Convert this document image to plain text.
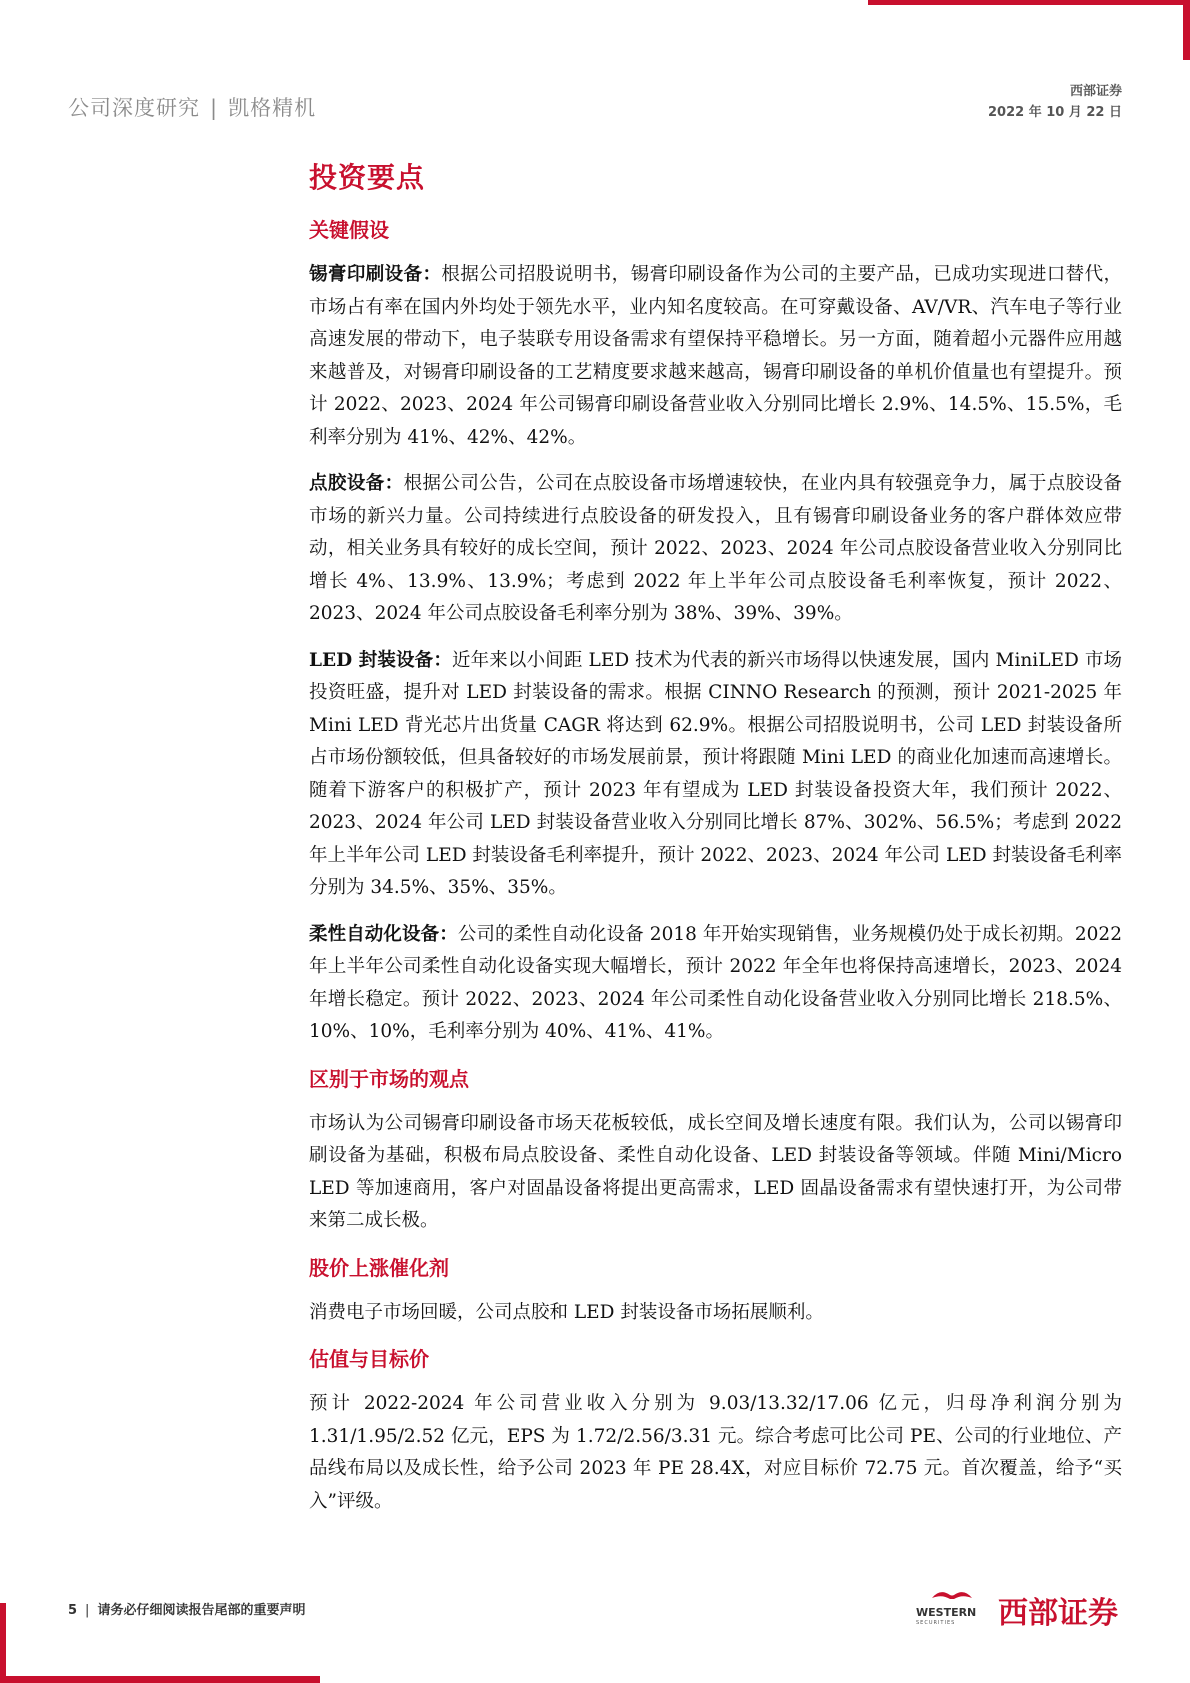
公司深度研究 | 凯格精机
西部证券
2022 年 10 月 22 日
投资要点
关键假设

锡膏印刷设备：根据公司招股说明书，锡膏印刷设备作为公司的主要产品，已成功实现进口替代，市场占有率在国内外均处于领先水平，业内知名度较高。在可穿戴设备、AV/VR、汽车电子等行业高速发展的带动下，电子装联专用设备需求有望保持平稳增长。另一方面，随着超小元器件应用越来越普及，对锡膏印刷设备的工艺精度要求越来越高，锡膏印刷设备的单机价值量也有望提升。预计 2022、2023、2024 年公司锡膏印刷设备营业收入分别同比增长 2.9%、14.5%、15.5%，毛利率分别为 41%、42%、42%。

点胶设备：根据公司公告，公司在点胶设备市场增速较快，在业内具有较强竞争力，属于点胶设备市场的新兴力量。公司持续进行点胶设备的研发投入，且有锡膏印刷设备业务的客户群体效应带动，相关业务具有较好的成长空间，预计 2022、2023、2024 年公司点胶设备营业收入分别同比增长 4%、13.9%、13.9%；考虑到 2022 年上半年公司点胶设备毛利率恢复，预计 2022、2023、2024 年公司点胶设备毛利率分别为 38%、39%、39%。

LED 封装设备：近年来以小间距 LED 技术为代表的新兴市场得以快速发展，国内 MiniLED 市场投资旺盛，提升对 LED 封装设备的需求。根据 CINNO Research 的预测，预计 2021-2025 年 Mini LED 背光芯片出货量 CAGR 将达到 62.9%。根据公司招股说明书，公司 LED 封装设备所占市场份额较低，但具备较好的市场发展前景，预计将跟随 Mini LED 的商业化加速而高速增长。随着下游客户的积极扩产，预计 2023 年有望成为 LED 封装设备投资大年，我们预计 2022、2023、2024 年公司 LED 封装设备营业收入分别同比增长 87%、302%、56.5%；考虑到 2022 年上半年公司 LED 封装设备毛利率提升，预计 2022、2023、2024 年公司 LED 封装设备毛利率分别为 34.5%、35%、35%。

柔性自动化设备：公司的柔性自动化设备 2018 年开始实现销售，业务规模仍处于成长初期。2022 年上半年公司柔性自动化设备实现大幅增长，预计 2022 年全年也将保持高速增长，2023、2024 年增长稳定。预计 2022、2023、2024 年公司柔性自动化设备营业收入分别同比增长 218.5%、10%、10%，毛利率分别为 40%、41%、41%。

区别于市场的观点

市场认为公司锡膏印刷设备市场天花板较低，成长空间及增长速度有限。我们认为，公司以锡膏印刷设备为基础，积极布局点胶设备、柔性自动化设备、LED 封装设备等领域。伴随 Mini/Micro LED 等加速商用，客户对固晶设备将提出更高需求，LED 固晶设备需求有望快速打开，为公司带来第二成长极。

股价上涨催化剂

消费电子市场回暖，公司点胶和 LED 封装设备市场拓展顺利。

估值与目标价

预计 2022-2024 年公司营业收入分别为 9.03/13.32/17.06 亿元，归母净利润分别为 1.31/1.95/2.52 亿元，EPS 为 1.72/2.56/3.31 元。综合考虑可比公司 PE、公司的行业地位、产品线布局以及成长性，给予公司 2023 年 PE 28.4X，对应目标价 72.75 元。首次覆盖，给予“买入”评级。

5 | 请务必仔细阅读报告尾部的重要声明	WESTERN
SECURITIES 西部证券
